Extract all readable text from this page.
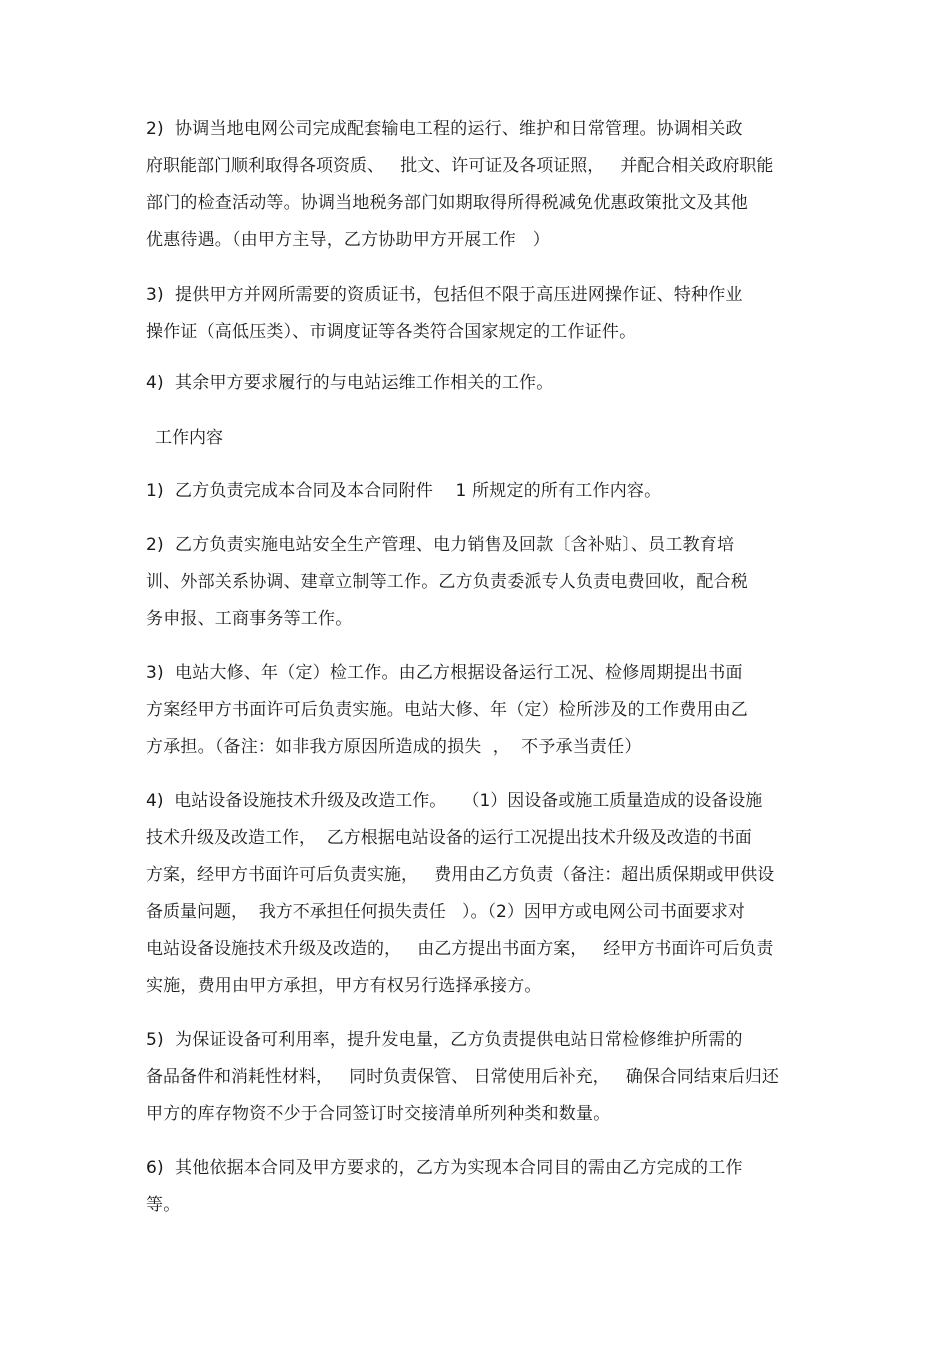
2)  协调当地电网公司完成配套输电工程的运行、维护和日常管理。协调相关政
府职能部门顺利取得各项资质、   批文、许可证及各项证照，   并配合相关政府职能
部门的检查活动等。协调当地税务部门如期取得所得税减免优惠政策批文及其他
优惠待遇。（由甲方主导，乙方协助甲方开展工作   ）
3)  提供甲方并网所需要的资质证书，包括但不限于高压进网操作证、特种作业
操作证（高低压类）、市调度证等各类符合国家规定的工作证件。
4)  其余甲方要求履行的与电站运维工作相关的工作。
工作内容
1)  乙方负责完成本合同及本合同附件    1 所规定的所有工作内容。
2)  乙方负责实施电站安全生产管理、电力销售及回款〔含补贴〕、员工教育培
训、外部关系协调、建章立制等工作。乙方负责委派专人负责电费回收，配合税
务申报、工商事务等工作。
3)  电站大修、年（定）检工作。由乙方根据设备运行工况、检修周期提出书面
方案经甲方书面许可后负责实施。电站大修、年（定）检所涉及的工作费用由乙
方承担。（备注：如非我方原因所造成的损失  ，  不予承当责任）
4)  电站设备设施技术升级及改造工作。   （1）因设备或施工质量造成的设备设施
技术升级及改造工作，  乙方根据电站设备的运行工况提出技术升级及改造的书面
方案，经甲方书面许可后负责实施，   费用由乙方负责（备注：超出质保期或甲供设
备质量问题，  我方不承担任何损失责任   ）。（2）因甲方或电网公司书面要求对
电站设备设施技术升级及改造的，   由乙方提出书面方案，   经甲方书面许可后负责
实施，费用由甲方承担，甲方有权另行选择承接方。
5)  为保证设备可利用率，提升发电量，乙方负责提供电站日常检修维护所需的
备品备件和消耗性材料，   同时负责保管、 日常使用后补充，   确保合同结束后归还
甲方的库存物资不少于合同签订时交接清单所列种类和数量。
6)  其他依据本合同及甲方要求的，乙方为实现本合同目的需由乙方完成的工作
等。
